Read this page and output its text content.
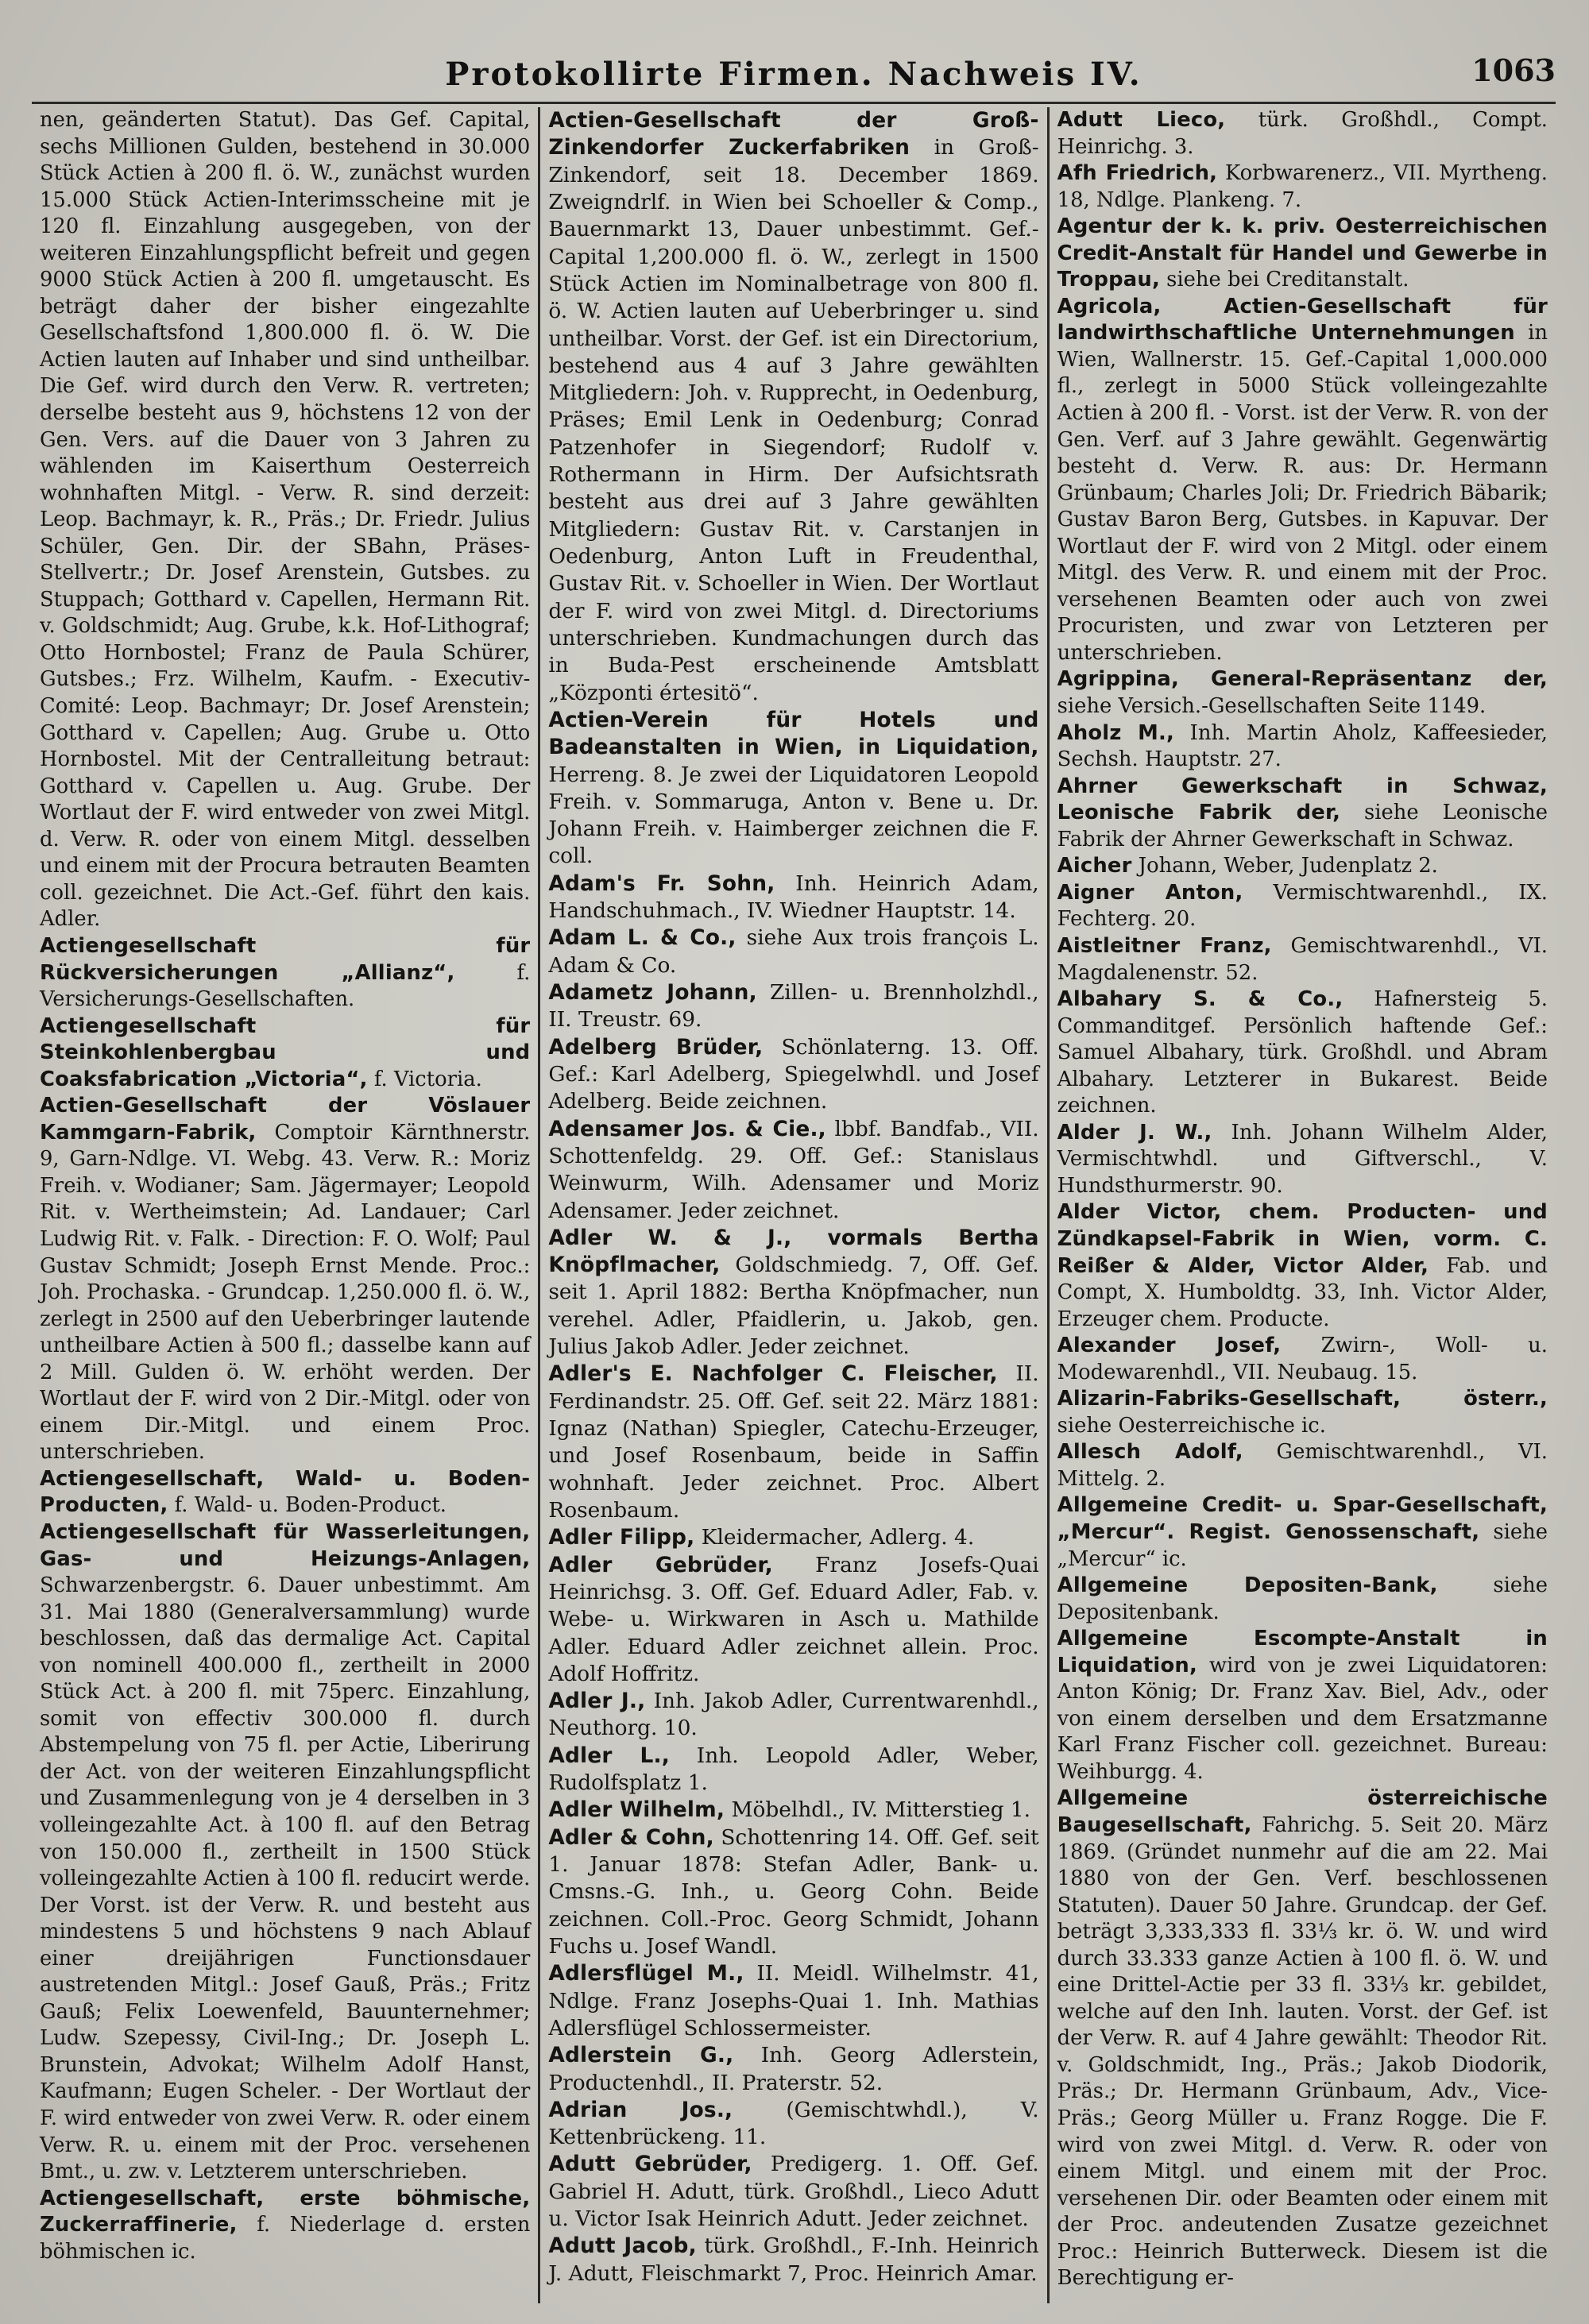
Protokollirte Firmen. Nachweis IV.	1063

nen, geänderten Statut). Das Gef. Capital, sechs Millionen Gulden, bestehend in 30.000 Stück Actien à 200 fl. ö. W., zunächst wurden 15.000 Stück Actien-Interimsscheine mit je 120 fl. Einzahlung ausgegeben, von der weiteren Einzahlungspflicht befreit und gegen 9000 Stück Actien à 200 fl. umgetauscht. Es beträgt daher der bisher eingezahlte Gesellschaftsfond 1,800.000 fl. ö. W. Die Actien lauten auf Inhaber und sind untheilbar. Die Gef. wird durch den Verw. R. vertreten; derselbe besteht aus 9, höchstens 12 von der Gen. Vers. auf die Dauer von 3 Jahren zu wählenden im Kaiserthum Oesterreich wohnhaften Mitgl. - Verw. R. sind derzeit: Leop. Bachmayr, k. R., Präs.; Dr. Friedr. Julius Schüler, Gen. Dir. der SBahn, Präses-Stellvertr.; Dr. Josef Arenstein, Gutsbes. zu Stuppach; Gotthard v. Capellen, Hermann Rit. v. Goldschmidt; Aug. Grube, k.k. Hof-Lithograf; Otto Hornbostel; Franz de Paula Schürer, Gutsbes.; Frz. Wilhelm, Kaufm. - Executiv-Comité: Leop. Bachmayr; Dr. Josef Arenstein; Gotthard v. Capellen; Aug. Grube u. Otto Hornbostel. Mit der Centralleitung betraut: Gotthard v. Capellen u. Aug. Grube. Der Wortlaut der F. wird entweder von zwei Mitgl. d. Verw. R. oder von einem Mitgl. desselben und einem mit der Procura betrauten Beamten coll. gezeichnet. Die Act.-Gef. führt den kais. Adler.

Actiengesellschaft für Rückversicherungen „Allianz“,	f. Versicherungs-Gesellschaften.

Actiengesellschaft für Steinkohlenbergbau und Coaksfabrication „Victoria“, f. Victoria.

Actien-Gesellschaft der Vöslauer Kammgarn-Fabrik, Comptoir Kärnthnerstr. 9, Garn-Ndlge. VI. Webg. 43. Verw. R.: Moriz Freih. v. Wodianer; Sam. Jägermayer; Leopold Rit. v. Wertheimstein; Ad. Landauer; Carl Ludwig Rit. v. Falk. - Direction: F. O. Wolf; Paul Gustav Schmidt; Joseph Ernst Mende. Proc.: Joh. Prochaska. - Grundcap. 1,250.000 fl. ö. W., zerlegt in 2500 auf den Ueberbringer lautende untheilbare Actien à 500 fl.; dasselbe kann auf 2 Mill. Gulden ö. W. erhöht werden. Der Wortlaut der F. wird von 2 Dir.-Mitgl. oder von einem Dir.-Mitgl. und einem Proc. unterschrieben.

Actiengesellschaft, Wald- u. Boden-Producten, f. Wald- u. Boden-Product.

Actiengesellschaft für Wasserleitungen, Gas- und Heizungs-Anlagen, Schwarzenbergstr. 6. Dauer unbestimmt. Am 31. Mai 1880 (Generalversammlung) wurde beschlossen, daß das dermalige Act. Capital von nominell 400.000 fl., zertheilt in 2000 Stück Act. à 200 fl. mit 75perc. Einzahlung, somit von effectiv 300.000 fl. durch Abstempelung von 75 fl. per Actie, Liberirung der Act. von der weiteren Einzahlungspflicht und Zusammenlegung von je 4 derselben in 3 volleingezahlte Act. à 100 fl. auf den Betrag von 150.000 fl., zertheilt in 1500 Stück volleingezahlte Actien à 100 fl. reducirt werde. Der Vorst. ist der Verw. R. und besteht aus mindestens 5 und höchstens 9 nach Ablauf einer dreijährigen Functionsdauer austretenden Mitgl.: Josef Gauß, Präs.; Fritz Gauß; Felix Loewenfeld, Bauunternehmer; Ludw. Szepessy, Civil-Ing.; Dr. Joseph L. Brunstein, Advokat; Wilhelm Adolf Hanst, Kaufmann; Eugen Scheler. - Der Wortlaut der F. wird entweder von zwei Verw. R. oder einem Verw. R. u. einem mit der Proc. versehenen Bmt., u. zw. v. Letzterem unterschrieben.

Actiengesellschaft, erste böhmische, Zuckerraffinerie, f. Niederlage d. ersten böhmischen ic.

Actien-Gesellschaft der Groß-Zinkendorfer Zuckerfabriken in Groß-Zinkendorf, seit 18. December 1869. Zweigndrlf. in Wien bei Schoeller & Comp., Bauernmarkt 13, Dauer unbestimmt. Gef.-Capital 1,200.000 fl. ö. W., zerlegt in 1500 Stück Actien im Nominalbetrage von 800 fl. ö. W. Actien lauten auf Ueberbringer u. sind untheilbar. Vorst. der Gef. ist ein Directorium, bestehend aus 4 auf 3 Jahre gewählten Mitgliedern: Joh. v. Rupprecht, in Oedenburg, Präses; Emil Lenk in Oedenburg; Conrad Patzenhofer in Siegendorf; Rudolf v. Rothermann in Hirm. Der Aufsichtsrath besteht aus drei auf 3 Jahre gewählten Mitgliedern: Gustav Rit. v. Carstanjen in Oedenburg, Anton Luft in Freudenthal, Gustav Rit. v. Schoeller in Wien. Der Wortlaut der F. wird von zwei Mitgl. d. Directoriums unterschrieben. Kundmachungen durch das in Buda-Pest erscheinende Amtsblatt „Központi értesitö“.

Actien-Verein für Hotels und Badeanstalten in Wien, in Liquidation, Herreng. 8. Je zwei der Liquidatoren Leopold Freih. v. Sommaruga, Anton v. Bene u. Dr. Johann Freih. v. Haimberger zeichnen die F. coll.

Adam's Fr. Sohn, Inh. Heinrich Adam, Handschuhmach., IV. Wiedner Hauptstr. 14.

Adam L. & Co., siehe Aux trois françois L. Adam & Co.

Adametz Johann, Zillen- u. Brennholzhdl., II. Treustr. 69.

Adelberg Brüder, Schönlaterng. 13. Off. Gef.: Karl Adelberg, Spiegelwhdl. und Josef Adelberg. Beide zeichnen.

Adensamer Jos. & Cie., lbbf. Bandfab., VII. Schottenfeldg. 29. Off. Gef.: Stanislaus Weinwurm, Wilh. Adensamer und Moriz Adensamer. Jeder zeichnet.

Adler W. & J., vormals Bertha Knöpflmacher, Goldschmiedg. 7, Off. Gef. seit 1. April 1882: Bertha Knöpfmacher, nun verehel. Adler, Pfaidlerin, u. Jakob, gen. Julius Jakob Adler. Jeder zeichnet.

Adler's E. Nachfolger C. Fleischer, II. Ferdinandstr. 25. Off. Gef. seit 22. März 1881: Ignaz (Nathan) Spiegler, Catechu-Erzeuger, und Josef Rosenbaum, beide in Saffin wohnhaft. Jeder zeichnet. Proc. Albert Rosenbaum.

Adler Filipp, Kleidermacher, Adlerg. 4.

Adler Gebrüder, Franz Josefs-Quai Heinrichsg. 3. Off. Gef. Eduard Adler, Fab. v. Webe- u. Wirkwaren in Asch u. Mathilde Adler. Eduard Adler zeichnet allein. Proc. Adolf Hoffritz.

Adler J., Inh. Jakob Adler, Currentwarenhdl., Neuthorg. 10.

Adler L., Inh. Leopold Adler, Weber, Rudolfsplatz 1.

Adler Wilhelm, Möbelhdl., IV. Mitterstieg 1.

Adler & Cohn, Schottenring 14. Off. Gef. seit 1. Januar 1878: Stefan Adler, Bank- u. Cmsns.-G. Inh., u. Georg Cohn. Beide zeichnen. Coll.-Proc. Georg Schmidt, Johann Fuchs u. Josef Wandl.

Adlersflügel M., II. Meidl. Wilhelmstr. 41, Ndlge. Franz Josephs-Quai 1. Inh. Mathias Adlersflügel Schlossermeister.

Adlerstein G., Inh. Georg Adlerstein, Productenhdl., II. Praterstr. 52.

Adrian Jos.,	(Gemischtwhdl.), V. Kettenbrückeng. 11.

Adutt Gebrüder, Predigerg. 1. Off. Gef. Gabriel H. Adutt, türk. Großhdl., Lieco Adutt u. Victor Isak Heinrich Adutt. Jeder zeichnet.

Adutt Jacob, türk. Großhdl., F.-Inh. Heinrich J. Adutt, Fleischmarkt 7, Proc. Heinrich Amar.

Adutt Lieco, türk. Großhdl., Compt. Heinrichg. 3.

Afh Friedrich, Korbwarenerz., VII. Myrtheng. 18, Ndlge. Plankeng. 7.

Agentur der k. k. priv. Oesterreichischen Credit-Anstalt für Handel und Gewerbe in Troppau, siehe bei Creditanstalt.

Agricola, Actien-Gesellschaft für landwirthschaftliche Unternehmungen in Wien, Wallnerstr. 15. Gef.-Capital 1,000.000 fl., zerlegt in 5000 Stück volleingezahlte Actien à 200 fl. - Vorst. ist der Verw. R. von der Gen. Verf. auf 3 Jahre gewählt. Gegenwärtig besteht d. Verw. R. aus: Dr. Hermann Grünbaum; Charles Joli; Dr. Friedrich Bäbarik; Gustav Baron Berg, Gutsbes. in Kapuvar. Der Wortlaut der F. wird von 2 Mitgl. oder einem Mitgl. des Verw. R. und einem mit der Proc. versehenen Beamten oder auch von zwei Procuristen, und zwar von Letzteren per unterschrieben.

Agrippina, General-Repräsentanz der, siehe Versich.-Gesellschaften Seite 1149.

Aholz M., Inh. Martin Aholz, Kaffeesieder, Sechsh. Hauptstr. 27.

Ahrner Gewerkschaft in Schwaz, Leonische Fabrik der, siehe Leonische Fabrik der Ahrner Gewerkschaft in Schwaz.

Aicher Johann, Weber, Judenplatz 2.

Aigner Anton, Vermischtwarenhdl., IX. Fechterg. 20.

Aistleitner Franz, Gemischtwarenhdl., VI. Magdalenenstr. 52.

Albahary S. & Co., Hafnersteig 5. Commanditgef. Persönlich haftende Gef.: Samuel Albahary, türk. Großhdl. und Abram Albahary. Letzterer in Bukarest. Beide zeichnen.

Alder J. W., Inh. Johann Wilhelm Alder, Vermischtwhdl. und Giftverschl., V. Hundsthurmerstr. 90.

Alder Victor, chem. Producten- und Zündkapsel-Fabrik in Wien, vorm. C. Reißer & Alder, Victor Alder, Fab. und Compt, X. Humboldtg. 33, Inh. Victor Alder, Erzeuger chem. Producte.

Alexander Josef, Zwirn-, Woll- u. Modewarenhdl., VII. Neubaug. 15.

Alizarin-Fabriks-Gesellschaft, österr., siehe Oesterreichische ic.

Allesch Adolf, Gemischtwarenhdl., VI. Mittelg. 2.

Allgemeine Credit- u. Spar-Gesellschaft, „Mercur“. Regist. Genossenschaft, siehe „Mercur“ ic.

Allgemeine Depositen-Bank,	siehe Depositenbank.

Allgemeine Escompte-Anstalt in Liquidation, wird von je zwei Liquidatoren: Anton König; Dr. Franz Xav. Biel, Adv., oder von einem derselben und dem Ersatzmanne Karl Franz Fischer coll. gezeichnet. Bureau: Weihburgg. 4.

Allgemeine österreichische Baugesellschaft, Fahrichg. 5. Seit 20. März 1869. (Gründet nunmehr auf die am 22. Mai 1880 von der Gen. Verf. beschlossenen Statuten). Dauer 50 Jahre. Grundcap. der Gef. beträgt 3,333,333 fl. 33⅓ kr. ö. W. und wird durch 33.333 ganze Actien à 100 fl. ö. W. und eine Drittel-Actie per 33 fl. 33⅓ kr. gebildet, welche auf den Inh. lauten. Vorst. der Gef. ist der Verw. R. auf 4 Jahre gewählt: Theodor Rit. v. Goldschmidt, Ing., Präs.; Jakob Diodorik, Präs.; Dr. Hermann Grünbaum, Adv., Vice-Präs.; Georg Müller u. Franz Rogge. Die F. wird von zwei Mitgl. d. Verw. R. oder von einem Mitgl. und einem mit der Proc. versehenen Dir. oder Beamten oder einem mit der Proc. andeutenden Zusatze gezeichnet Proc.: Heinrich Butterweck. Diesem ist die Berechtigung er-
